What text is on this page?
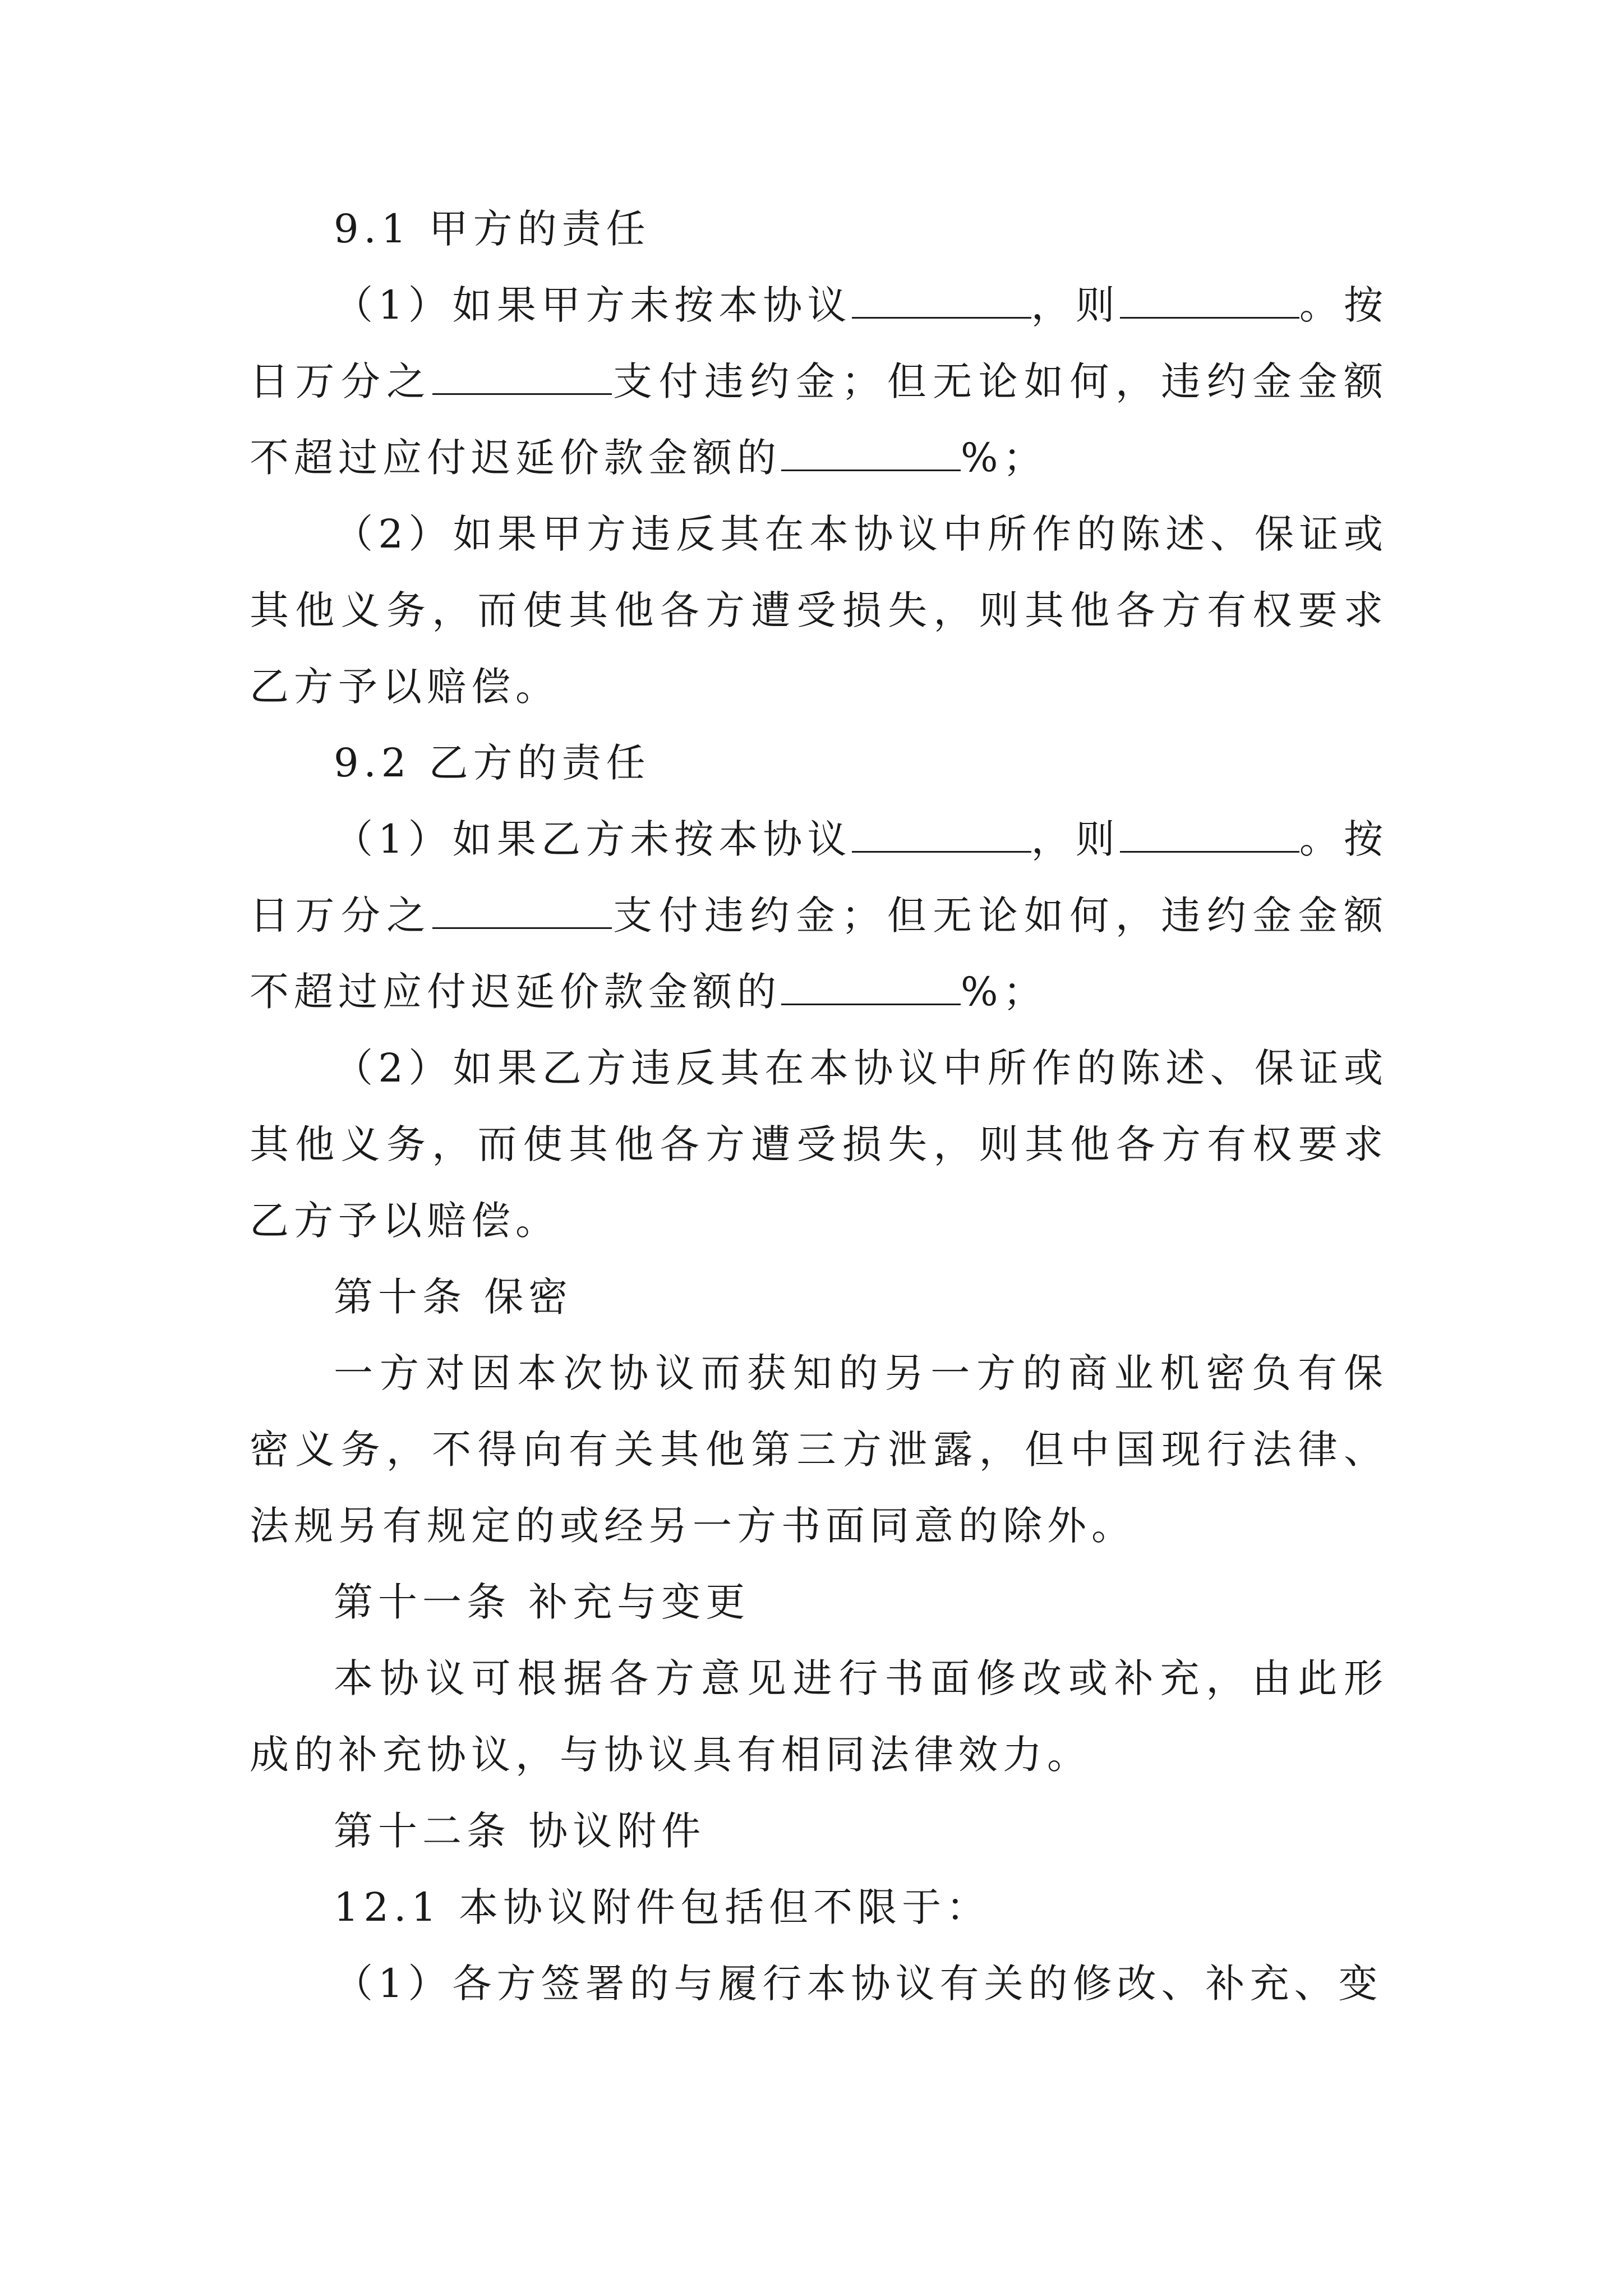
9.1 甲方的责任

（1）如果甲方未按本协议	，则	。按日万分之	支付违约金；但无论如何，违约金金额不超过应付迟延价款金额的	%；

（2）如果甲方违反其在本协议中所作的陈述、保证或其他义务，而使其他各方遭受损失，则其他各方有权要求乙方予以赔偿。

9.2 乙方的责任

（1）如果乙方未按本协议	，则	。按日万分之	支付违约金；但无论如何，违约金金额不超过应付迟延价款金额的	%；

（2）如果乙方违反其在本协议中所作的陈述、保证或其他义务，而使其他各方遭受损失，则其他各方有权要求乙方予以赔偿。

第十条 保密

一方对因本次协议而获知的另一方的商业机密负有保密义务，不得向有关其他第三方泄露，但中国现行法律、法规另有规定的或经另一方书面同意的除外。

第十一条 补充与变更

本协议可根据各方意见进行书面修改或补充，由此形成的补充协议，与协议具有相同法律效力。

第十二条 协议附件

12.1 本协议附件包括但不限于：

（1）各方签署的与履行本协议有关的修改、补充、变
